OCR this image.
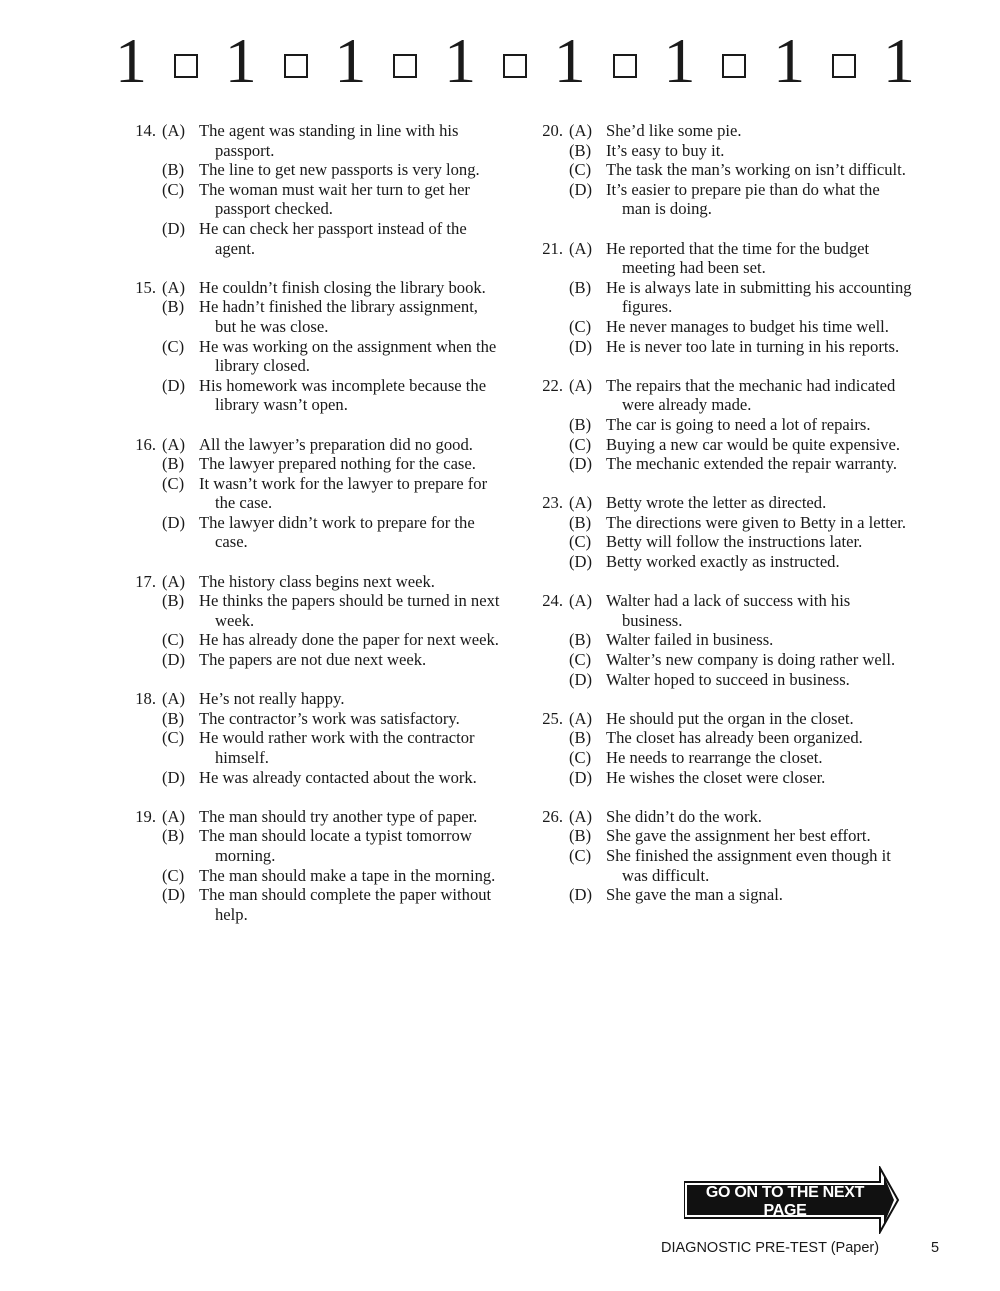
1 1 1 1 1 1 1 1
14. (A) The agent was standing in line with his passport.
(B) The line to get new passports is very long.
(C) The woman must wait her turn to get her passport checked.
(D) He can check her passport instead of the agent.
15. (A) He couldn’t finish closing the library book.
(B) He hadn’t finished the library assignment, but he was close.
(C) He was working on the assignment when the library closed.
(D) His homework was incomplete because the library wasn’t open.
16. (A) All the lawyer’s preparation did no good.
(B) The lawyer prepared nothing for the case.
(C) It wasn’t work for the lawyer to prepare for the case.
(D) The lawyer didn’t work to prepare for the case.
17. (A) The history class begins next week.
(B) He thinks the papers should be turned in next week.
(C) He has already done the paper for next week.
(D) The papers are not due next week.
18. (A) He’s not really happy.
(B) The contractor’s work was satisfactory.
(C) He would rather work with the contractor himself.
(D) He was already contacted about the work.
19. (A) The man should try another type of paper.
(B) The man should locate a typist tomorrow morning.
(C) The man should make a tape in the morning.
(D) The man should complete the paper without help.
20. (A) She’d like some pie.
(B) It’s easy to buy it.
(C) The task the man’s working on isn’t difficult.
(D) It’s easier to prepare pie than do what the man is doing.
21. (A) He reported that the time for the budget meeting had been set.
(B) He is always late in submitting his accounting figures.
(C) He never manages to budget his time well.
(D) He is never too late in turning in his reports.
22. (A) The repairs that the mechanic had indicated were already made.
(B) The car is going to need a lot of repairs.
(C) Buying a new car would be quite expensive.
(D) The mechanic extended the repair warranty.
23. (A) Betty wrote the letter as directed.
(B) The directions were given to Betty in a letter.
(C) Betty will follow the instructions later.
(D) Betty worked exactly as instructed.
24. (A) Walter had a lack of success with his business.
(B) Walter failed in business.
(C) Walter’s new company is doing rather well.
(D) Walter hoped to succeed in business.
25. (A) He should put the organ in the closet.
(B) The closet has already been organized.
(C) He needs to rearrange the closet.
(D) He wishes the closet were closer.
26. (A) She didn’t do the work.
(B) She gave the assignment her best effort.
(C) She finished the assignment even though it was difficult.
(D) She gave the man a signal.
GO ON TO THE NEXT PAGE
DIAGNOSTIC PRE-TEST (Paper)	5
